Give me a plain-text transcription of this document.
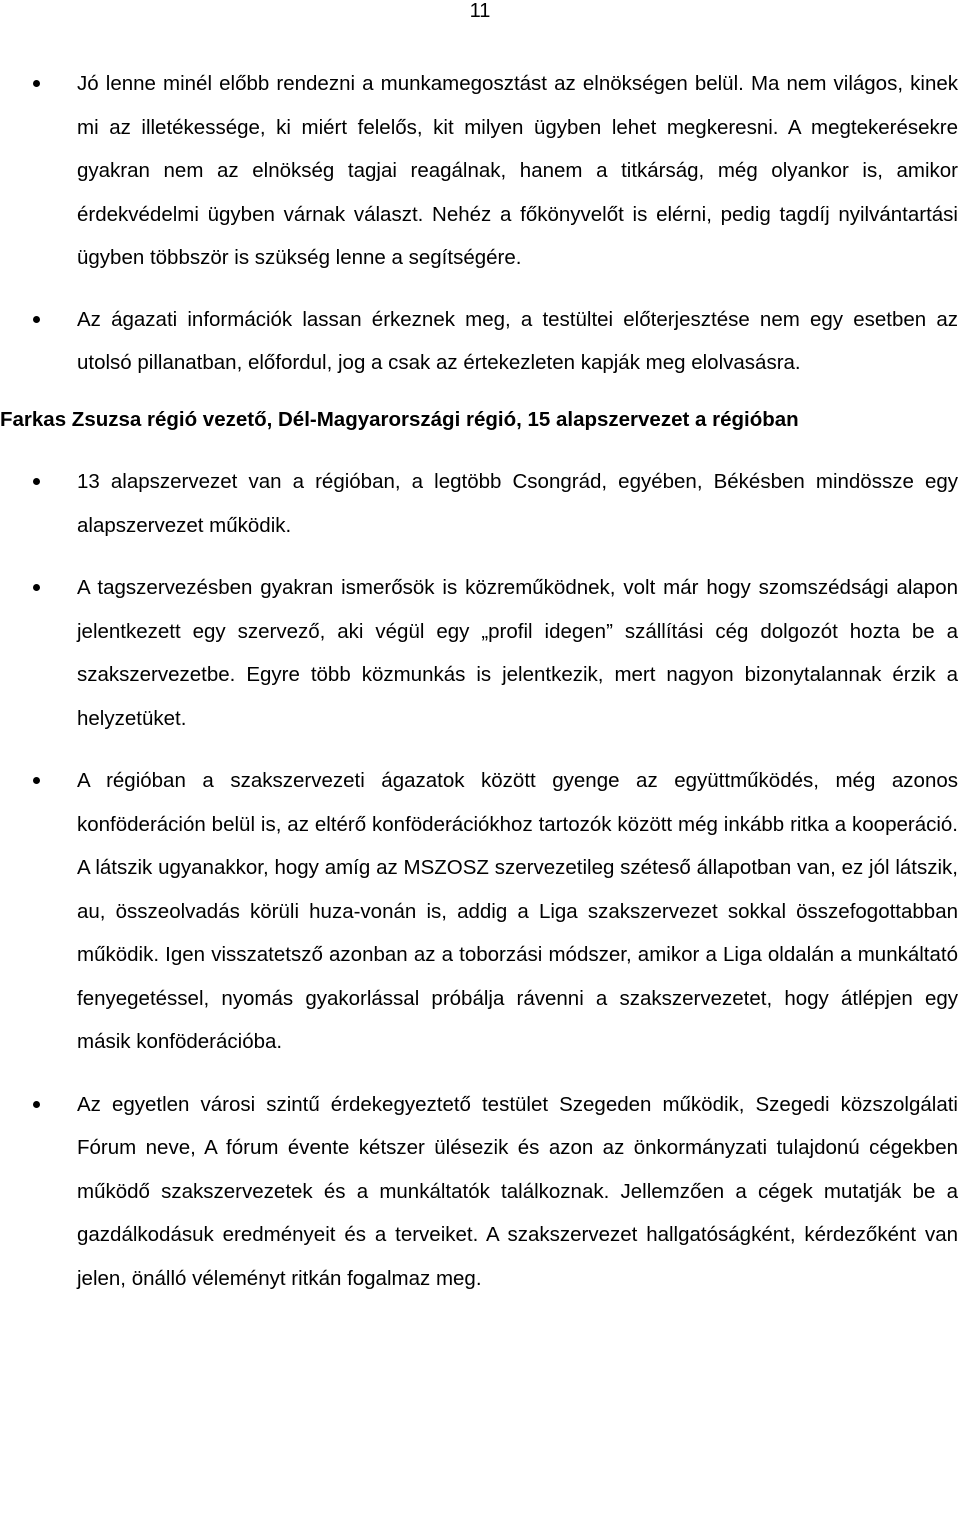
11
Jó lenne minél előbb rendezni a munkamegosztást az elnökségen belül. Ma nem világos, kinek mi az illetékessége, ki miért felelős, kit milyen ügyben lehet megkeresni. A megtekerésekre gyakran nem az elnökség tagjai reagálnak, hanem a titkárság, még olyankor is, amikor érdekvédelmi ügyben várnak választ. Nehéz a főkönyvelőt is elérni, pedig tagdíj nyilvántartási ügyben többször is szükség lenne a segítségére.
Az ágazati információk lassan érkeznek meg, a testültei előterjesztése nem egy esetben az utolsó pillanatban, előfordul, jog a csak az értekezleten kapják meg elolvasásra.
Farkas Zsuzsa régió vezető, Dél-Magyarországi régió, 15 alapszervezet a régióban
13 alapszervezet van a régióban, a legtöbb Csongrád, egyében, Békésben mindössze egy alapszervezet működik.
A tagszervezésben gyakran ismerősök is közreműködnek, volt már hogy szomszédsági alapon jelentkezett egy szervező, aki végül egy „profil idegen” szállítási cég dolgozót hozta be a szakszervezetbe. Egyre több közmunkás is jelentkezik, mert nagyon bizonytalannak érzik a helyzetüket.
A régióban a szakszervezeti ágazatok között gyenge az együttműködés, még azonos konföderáción belül is, az eltérő konföderációkhoz tartozók között még inkább ritka a kooperáció. A látszik ugyanakkor, hogy amíg az MSZOSZ szervezetileg széteső állapotban van, ez jól látszik, au, összeolvadás körüli huza-vonán is, addig a Liga szakszervezet sokkal összefogottabban működik. Igen visszatetsző azonban az a toborzási módszer, amikor a Liga oldalán a munkáltató fenyegetéssel, nyomás gyakorlással próbálja rávenni a szakszervezetet, hogy átlépjen egy másik konföderációba.
Az egyetlen városi szintű érdekegyeztető testület Szegeden működik, Szegedi közszolgálati Fórum neve, A fórum évente kétszer ülésezik és azon az önkormányzati tulajdonú cégekben működő szakszervezetek és a munkáltatók találkoznak. Jellemzően a cégek mutatják be a gazdálkodásuk eredményeit és a terveiket. A szakszervezet hallgatóságként, kérdezőként van jelen, önálló véleményt ritkán fogalmaz meg.
